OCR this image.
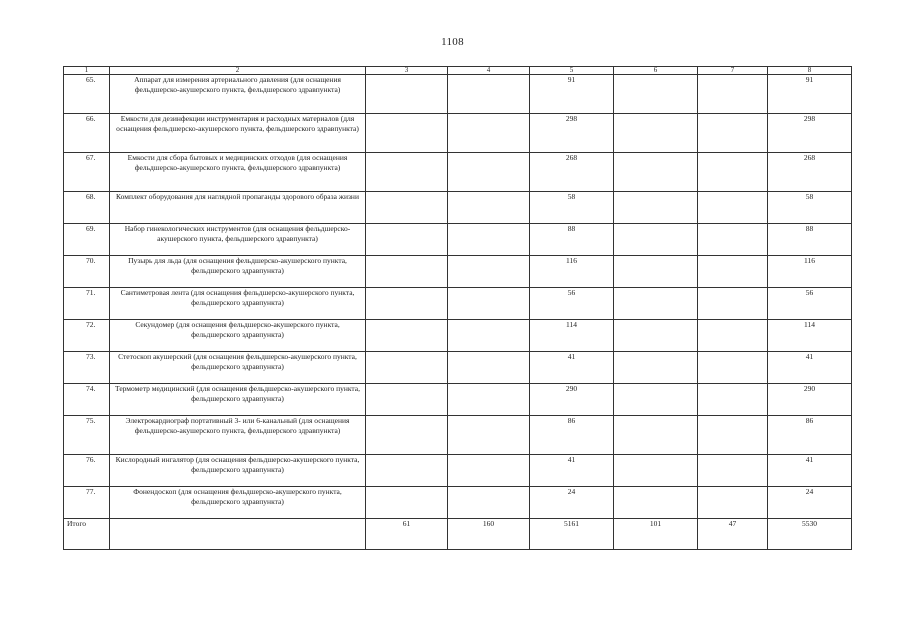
1108
1	2	3	4	5	6	7	8
65.	Аппарат для измерения артериального давления (для оснащения фельдшерско-акушерского пункта, фельдшерского здравпункта)			91			91
66.	Емкости для дезинфекции инструментария и расходных материалов (для оснащения фельдшерско-акушерского пункта, фельдшерского здравпункта)			298			298
67.	Емкости для сбора бытовых и медицинских отходов (для оснащения фельдшерско-акушерского пункта, фельдшерского здравпункта)			268			268
68.	Комплект оборудования для наглядной пропаганды здорового образа жизни			58			58
69.	Набор гинекологических инструментов (для оснащения фельдшерско-акушерского пункта, фельдшерского здравпункта)			88			88
70.	Пузырь для льда (для оснащения фельдшерско-акушерского пункта, фельдшерского здравпункта)			116			116
71.	Сантиметровая лента (для оснащения фельдшерско-акушерского пункта, фельдшерского здравпункта)			56			56
72.	Секундомер (для оснащения фельдшерско-акушерского пункта, фельдшерского здравпункта)			114			114
73.	Стетоскоп акушерский (для оснащения фельдшерско-акушерского пункта, фельдшерского здравпункта)			41			41
74.	Термометр медицинский (для оснащения фельдшерско-акушерского пункта, фельдшерского здравпункта)			290			290
75.	Электрокардиограф портативный 3- или 6-канальный (для оснащения фельдшерско-акушерского пункта, фельдшерского здравпункта)			86			86
76.	Кислородный ингалятор (для оснащения фельдшерско-акушерского пункта, фельдшерского здравпункта)			41			41
77.	Фонендоскоп (для оснащения фельдшерско-акушерского пункта, фельдшерского здравпункта)			24			24
Итого		61	160	5161	101	47	5530
